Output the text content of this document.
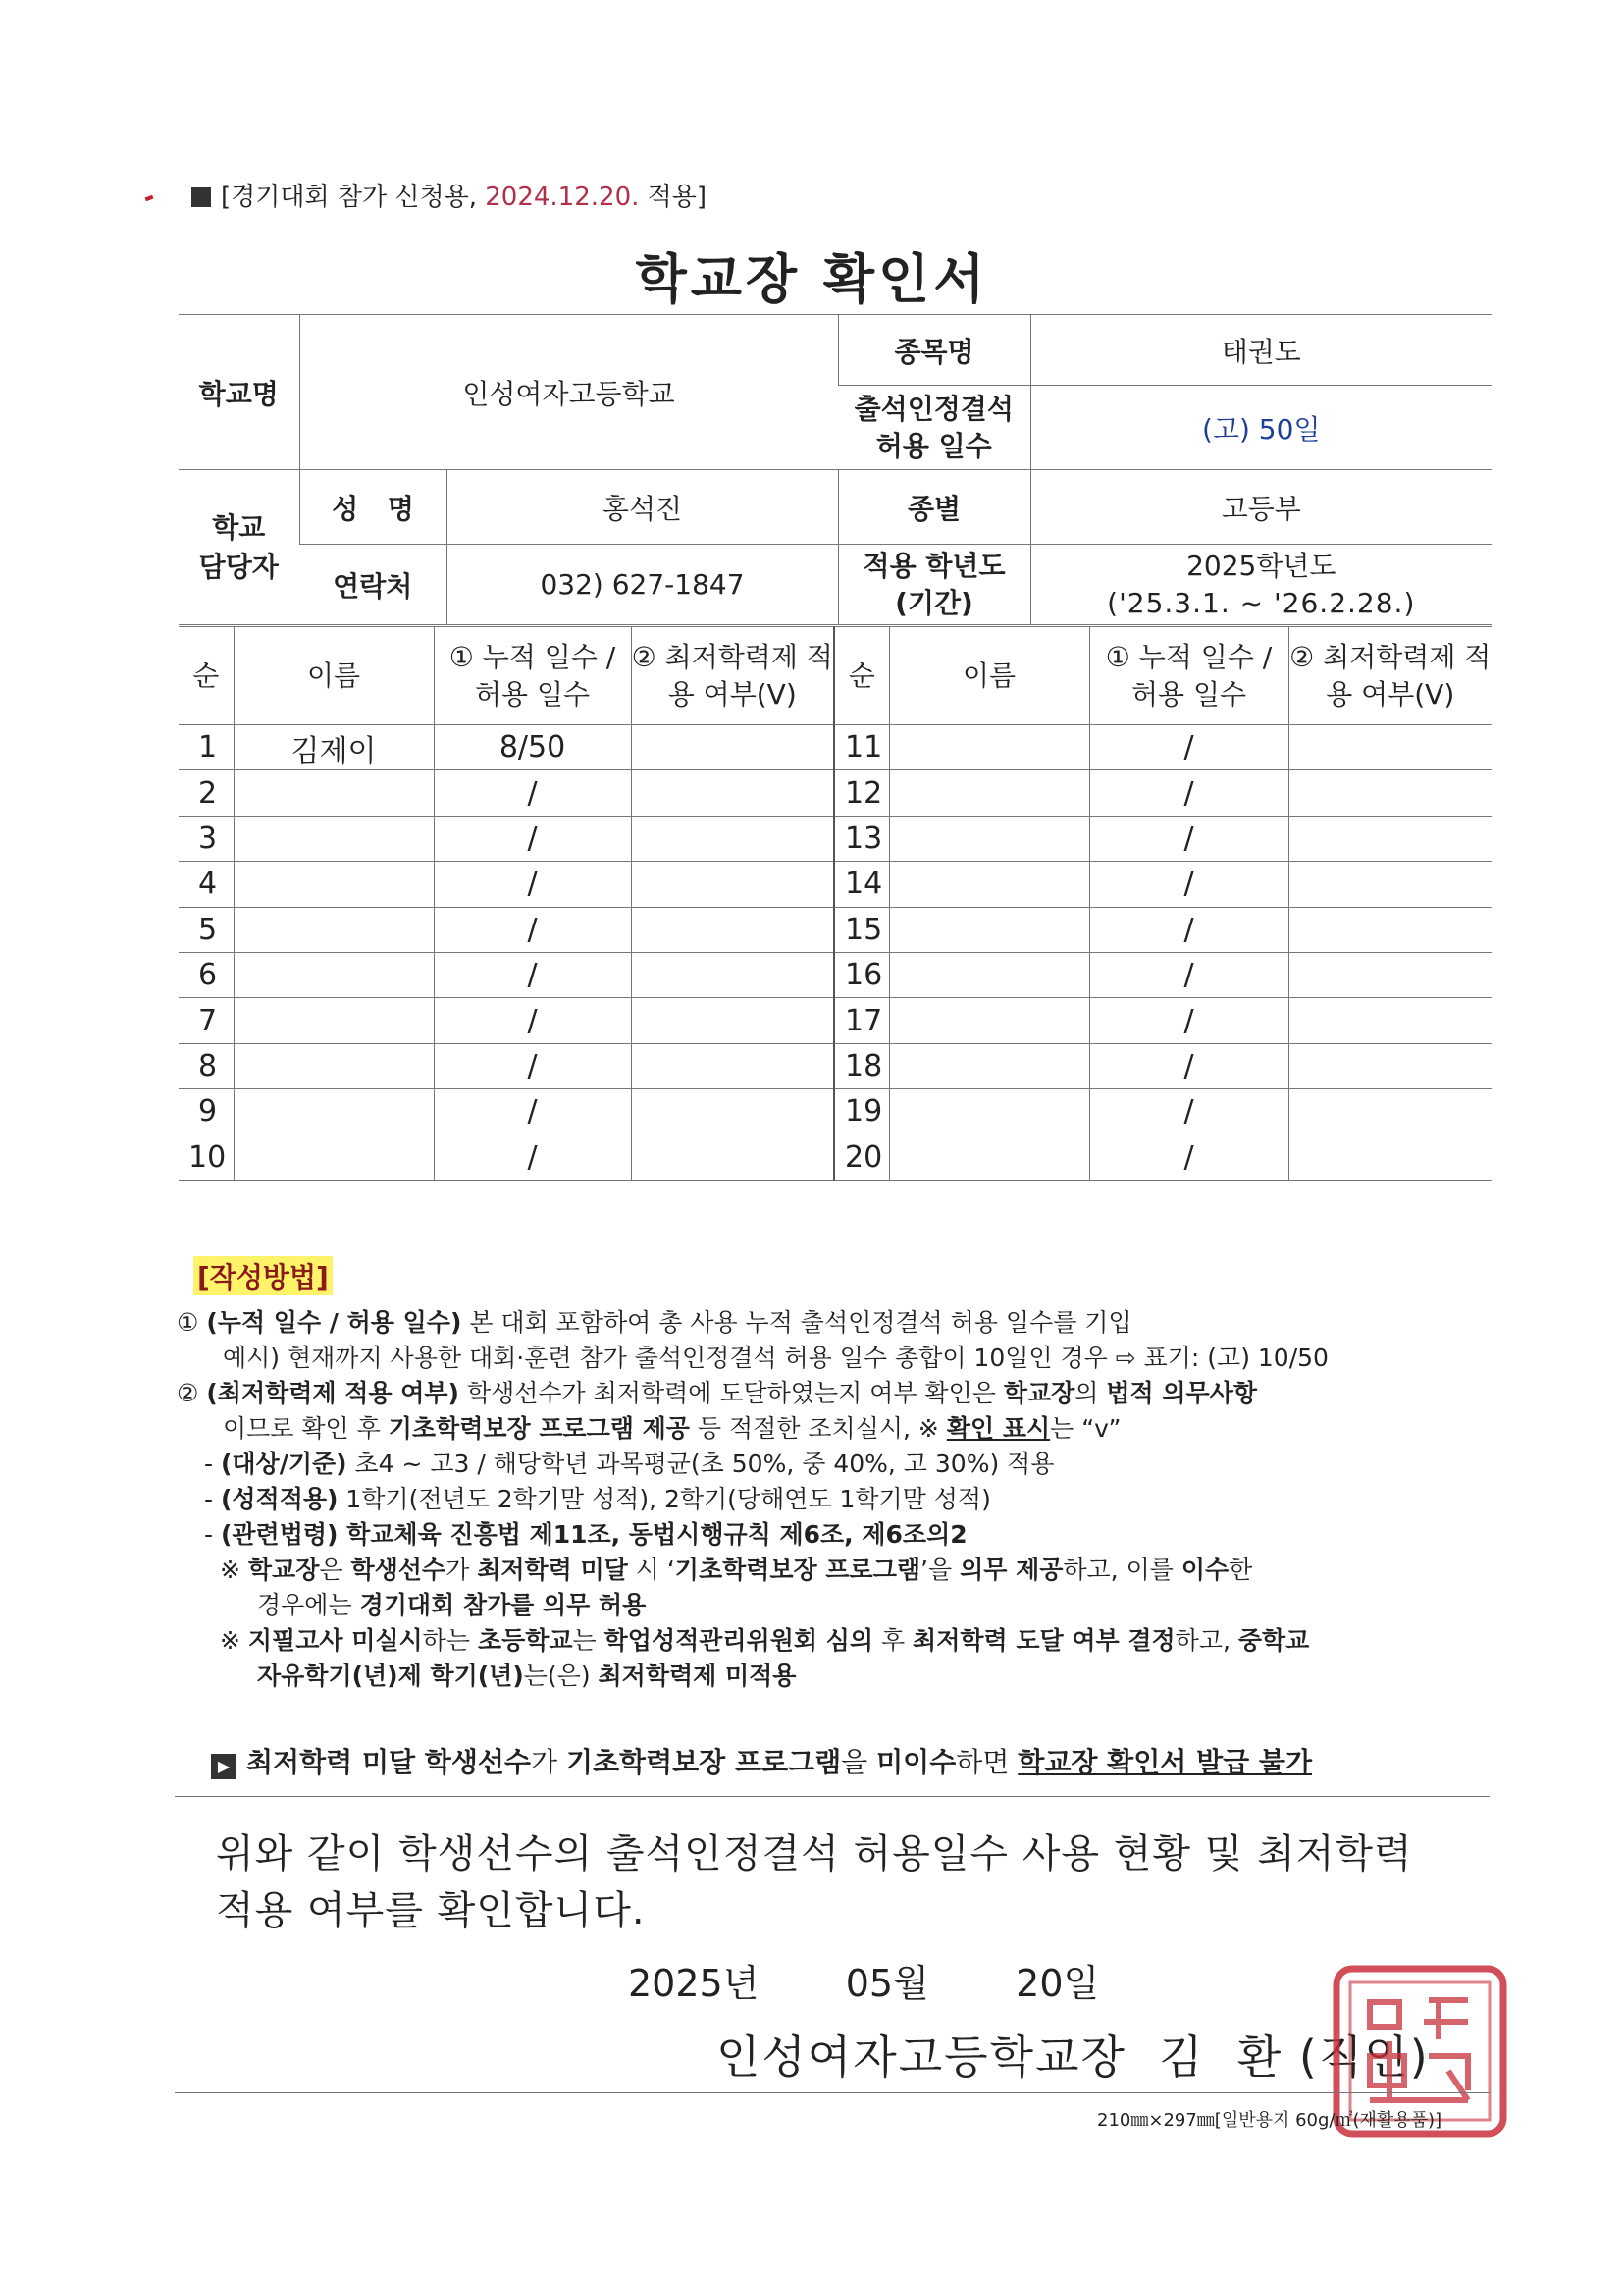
[경기대회 참가 신청용, 2024.12.20. 적용]
학교장 확인서
학교명	인성여자고등학교		종목명	태권도
			출석인정결석 허용 일수	(고) 50일
학교 담당자	성 명	홍석진	종별	고등부
	연락처	032) 627-1847	적용 학년도 (기간)	2025학년도
('25.3.1. ~ '26.2.28.)
순	이름	① 누적 일수 / 허용 일수	② 최저학력제 적용 여부(V)	순	이름	① 누적 일수 / 허용 일수	② 최저학력제 적용 여부(V)
1	김제이	8/50		11		/	
2		/		12		/	
3		/		13		/	
4		/		14		/	
5		/		15		/	
6		/		16		/	
7		/		17		/	
8		/		18		/	
9		/		19		/	
10		/		20		/	
[작성방법]

① (누적 일수 / 허용 일수) 본 대회 포함하여 총 사용 누적 출석인정결석 허용 일수를 기입

예시) 현재까지 사용한 대회·훈련 참가 출석인정결석 허용 일수 총합이 10일인 경우 ⇨ 표기: (고) 10/50

② (최저학력제 적용 여부) 학생선수가 최저학력에 도달하였는지 여부 확인은 학교장의 법적 의무사항

이므로 확인 후 기초학력보장 프로그램 제공 등 적절한 조치실시, ※ 확인 표시는 “v”

- (대상/기준) 초4 ~ 고3 / 해당학년 과목평균(초 50%, 중 40%, 고 30%) 적용

- (성적적용) 1학기(전년도 2학기말 성적), 2학기(당해연도 1학기말 성적)

- (관련법령) 학교체육 진흥법 제11조, 동법시행규칙 제6조, 제6조의2

※ 학교장은 학생선수가 최저학력 미달 시 ‘기초학력보장 프로그램’을 의무 제공하고, 이를 이수한

경우에는 경기대회 참가를 의무 허용

※ 지필고사 미실시하는 초등학교는 학업성적관리위원회 심의 후 최저학력 도달 여부 결정하고, 중학교

자유학기(년)제 학기(년)는(은) 최저학력제 미적용

▶ 최저학력 미달 학생선수가 기초학력보장 프로그램을 미이수하면 학교장 확인서 발급 불가
위와 같이 학생선수의 출석인정결석 허용일수 사용 현황 및 최저학력
적용 여부를 확인합니다.
2025년 05월 20일
인성여자고등학교장  김  환 (직인)
210㎜×297㎜[일반용지 60g/㎡(재활용품)]
